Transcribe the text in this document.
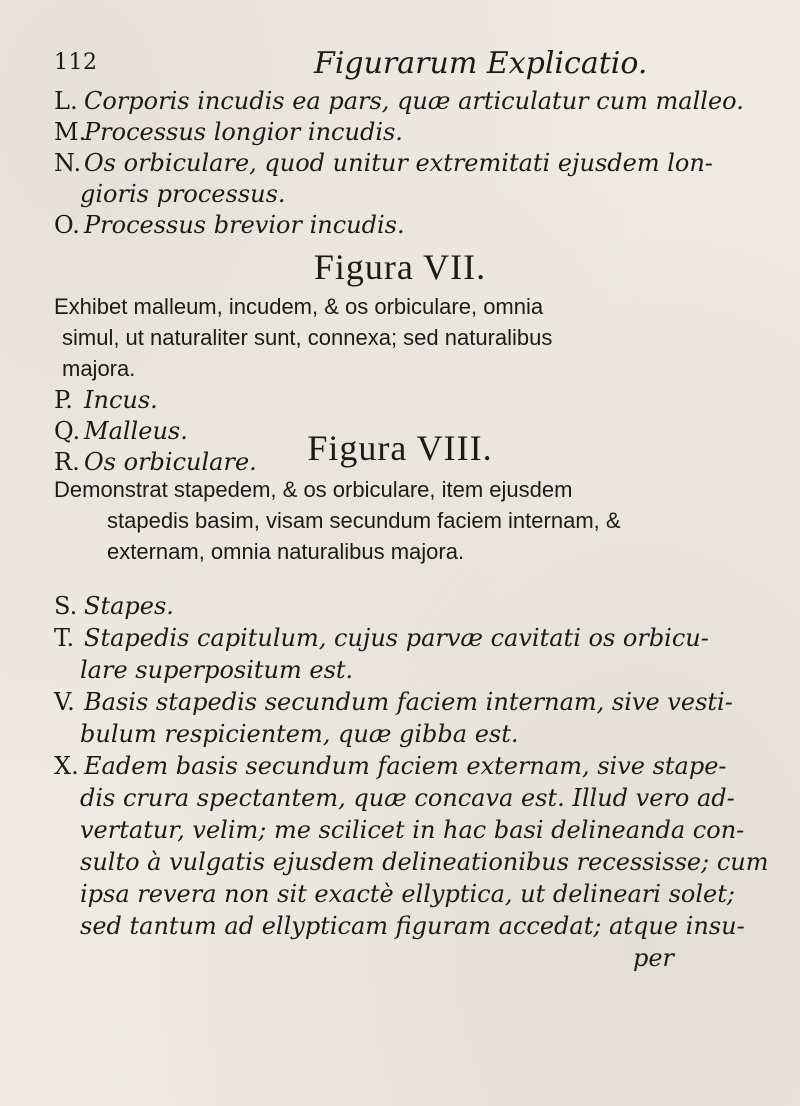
112	Figurarum Explicatio.
L. Corporis incudis ea pars, quæ articulatur cum malleo.
M.Processus longior incudis.
N. Os orbiculare, quod unitur extremitati ejusdem lon-
gioris processus.
O. Processus brevior incudis.
Figura VII.
Exhibet malleum, incudem, & os orbiculare, omnia
simul, ut naturaliter sunt, connexa; sed naturalibus
majora.
P. Incus.
Q. Malleus.
R. Os orbiculare.	Figura VIII.
Demonstrat stapedem, & os orbiculare, item ejusdem
stapedis basim, visam secundum faciem internam, &
externam, omnia naturalibus majora.
S. Stapes.
T. Stapedis capitulum, cujus parvæ cavitati os orbicu-
lare superpositum est.
V. Basis stapedis secundum faciem internam, sive vesti-
bulum respicientem, quæ gibba est.
X. Eadem basis secundum faciem externam, sive stape-
dis crura spectantem, quæ concava est. Illud vero ad-
vertatur, velim; me scilicet in hac basi delineanda con-
sulto à vulgatis ejusdem delineationibus recessisse; cum
ipsa revera non sit exactè ellyptica, ut delineari solet;
sed tantum ad ellypticam figuram accedat; atque insu-
per
